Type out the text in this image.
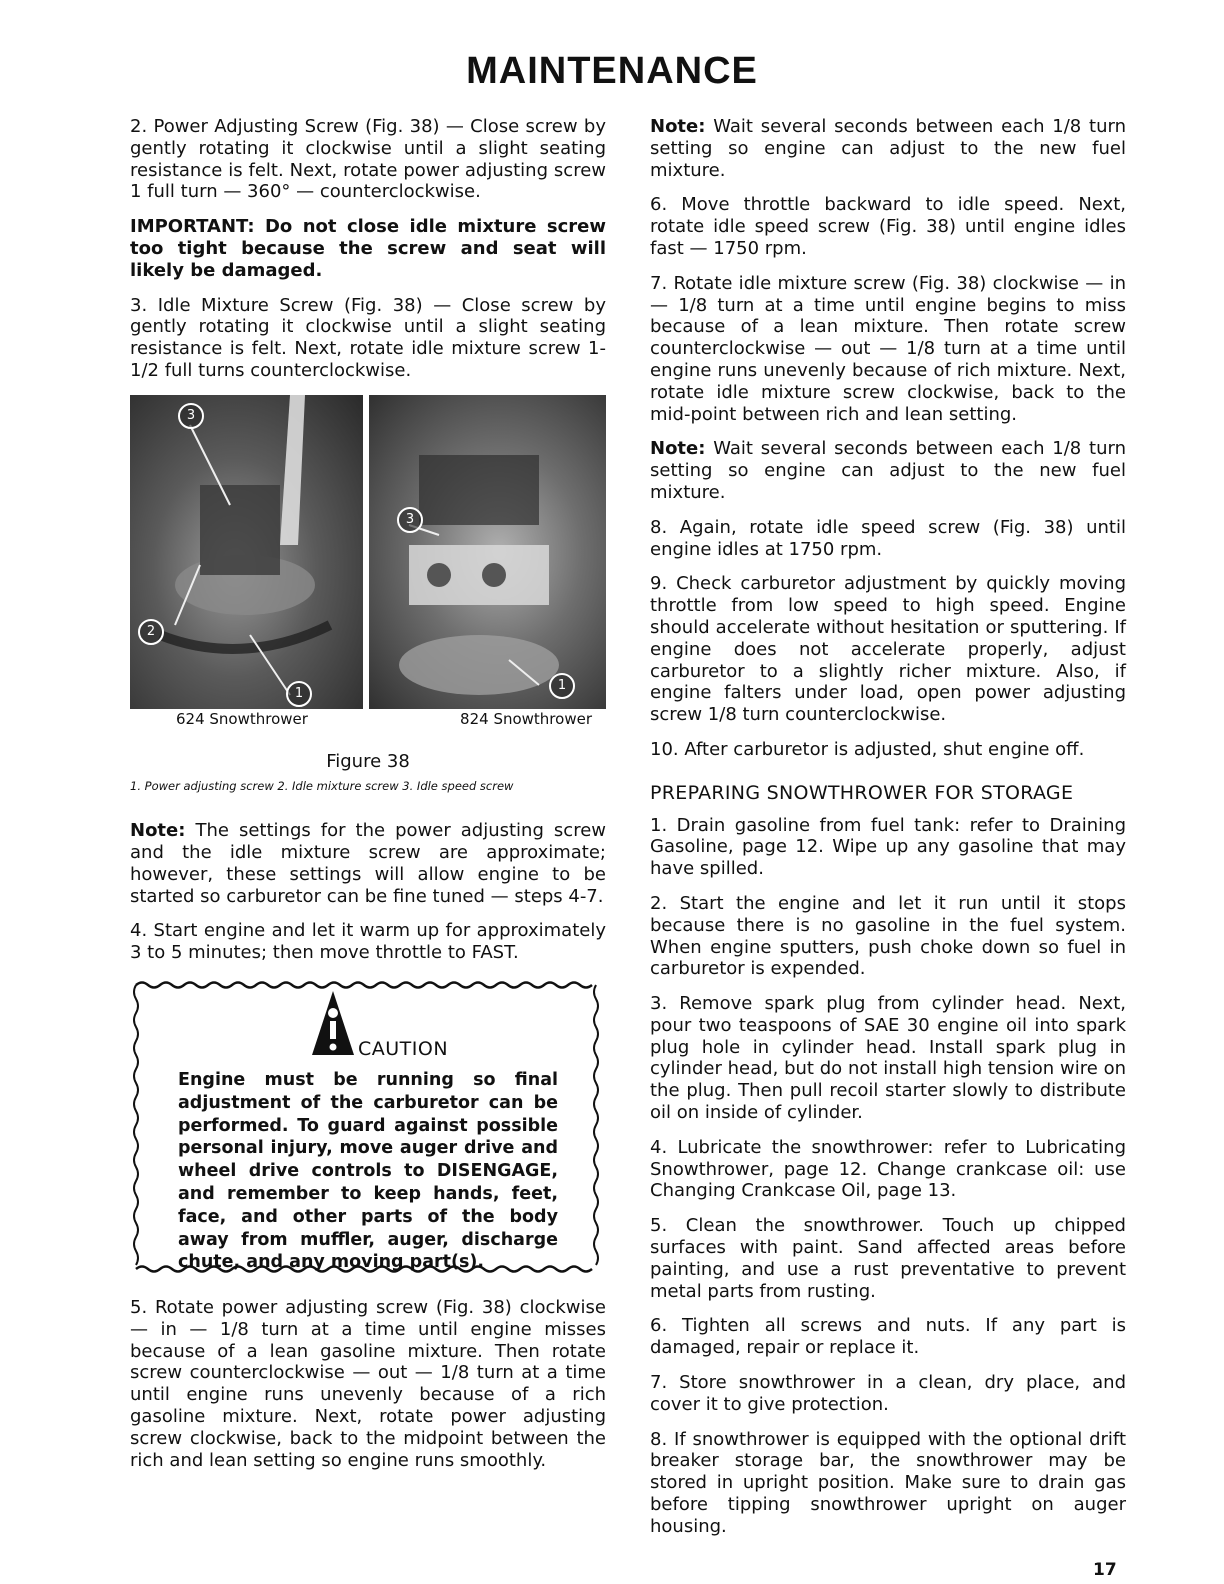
MAINTENANCE

2. Power Adjusting Screw (Fig. 38) — Close screw by gently rotating it clockwise until a slight seating resistance is felt. Next, rotate power adjusting screw 1 full turn — 360° — counterclockwise.

IMPORTANT: Do not close idle mixture screw too tight because the screw and seat will likely be damaged.

3. Idle Mixture Screw (Fig. 38) — Close screw by gently rotating it clockwise until a slight seating resistance is felt. Next, rotate idle mixture screw 1-1/2 full turns counterclockwise.

3
2
1
3
1
624 Snowthrower	824 Snowthrower
Figure 38
1. Power adjusting screw 2. Idle mixture screw 3. Idle speed screw

Note: The settings for the power adjusting screw and the idle mixture screw are approximate; however, these settings will allow engine to be started so carburetor can be fine tuned — steps 4-7.

4. Start engine and let it warm up for approximately 3 to 5 minutes; then move throttle to FAST.

CAUTION
Engine must be running so final adjustment of the carburetor can be performed. To guard against possible personal injury, move auger drive and wheel drive controls to DISENGAGE, and remember to keep hands, feet, face, and other parts of the body away from muffler, auger, discharge chute, and any moving part(s).

5. Rotate power adjusting screw (Fig. 38) clockwise — in — 1/8 turn at a time until engine misses because of a lean gasoline mixture. Then rotate screw counterclockwise — out — 1/8 turn at a time until engine runs unevenly because of a rich gasoline mixture. Next, rotate power adjusting screw clockwise, back to the midpoint between the rich and lean setting so engine runs smoothly.

Note: Wait several seconds between each 1/8 turn setting so engine can adjust to the new fuel mixture.

6. Move throttle backward to idle speed. Next, rotate idle speed screw (Fig. 38) until engine idles fast — 1750 rpm.

7. Rotate idle mixture screw (Fig. 38) clockwise — in — 1/8 turn at a time until engine begins to miss because of a lean mixture. Then rotate screw counterclockwise — out — 1/8 turn at a time until engine runs unevenly because of rich mixture. Next, rotate idle mixture screw clockwise, back to the mid-point between rich and lean setting.

Note: Wait several seconds between each 1/8 turn setting so engine can adjust to the new fuel mixture.

8. Again, rotate idle speed screw (Fig. 38) until engine idles at 1750 rpm.

9. Check carburetor adjustment by quickly moving throttle from low speed to high speed. Engine should accelerate without hesitation or sputtering. If engine does not accelerate properly, adjust carburetor to a slightly richer mixture. Also, if engine falters under load, open power adjusting screw 1/8 turn counterclockwise.

10. After carburetor is adjusted, shut engine off.

PREPARING SNOWTHROWER FOR STORAGE

1. Drain gasoline from fuel tank: refer to Draining Gasoline, page 12. Wipe up any gasoline that may have spilled.

2. Start the engine and let it run until it stops because there is no gasoline in the fuel system. When engine sputters, push choke down so fuel in carburetor is expended.

3. Remove spark plug from cylinder head. Next, pour two teaspoons of SAE 30 engine oil into spark plug hole in cylinder head. Install spark plug in cylinder head, but do not install high tension wire on the plug. Then pull recoil starter slowly to distribute oil on inside of cylinder.

4. Lubricate the snowthrower: refer to Lubricating Snowthrower, page 12. Change crankcase oil: use Changing Crankcase Oil, page 13.

5. Clean the snowthrower. Touch up chipped surfaces with paint. Sand affected areas before painting, and use a rust preventative to prevent metal parts from rusting.

6. Tighten all screws and nuts. If any part is damaged, repair or replace it.

7. Store snowthrower in a clean, dry place, and cover it to give protection.

8. If snowthrower is equipped with the optional drift breaker storage bar, the snowthrower may be stored in upright position. Make sure to drain gas before tipping snowthrower upright on auger housing.

17
